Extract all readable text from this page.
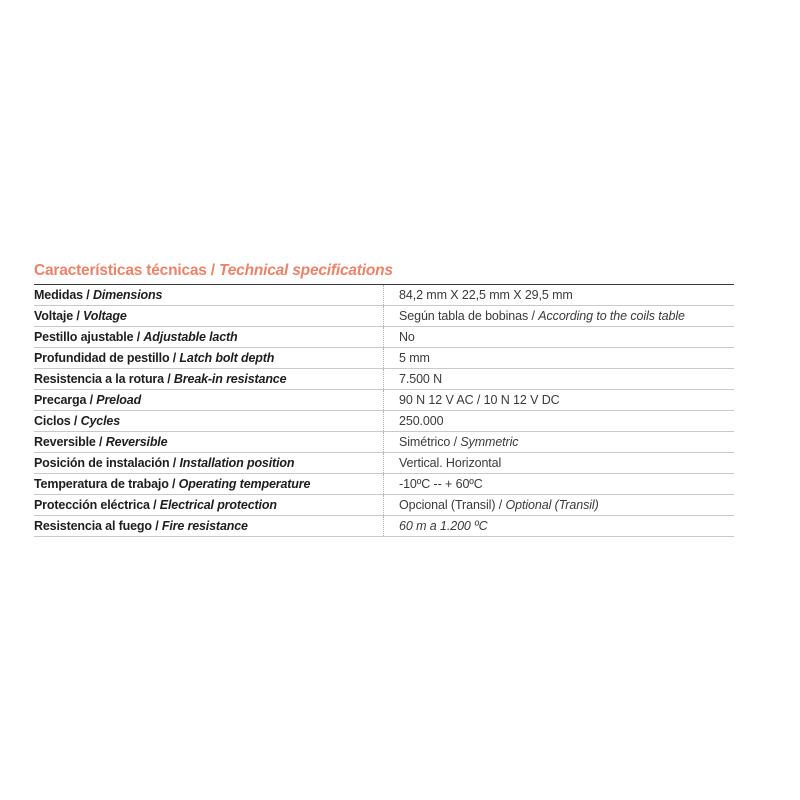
Características técnicas / Technical specifications
Medidas / Dimensions	84,2 mm X 22,5 mm X 29,5 mm
Voltaje / Voltage	Según tabla de bobinas / According to the coils table
Pestillo ajustable / Adjustable lacth	No
Profundidad de pestillo / Latch bolt depth	5 mm
Resistencia a la rotura / Break-in resistance	7.500 N
Precarga / Preload	90 N 12 V AC / 10 N 12 V DC
Ciclos / Cycles	250.000
Reversible / Reversible	Simétrico / Symmetric
Posición de instalación / Installation position	Vertical. Horizontal
Temperatura de trabajo / Operating temperature	-10ºC -- + 60ºC
Protección eléctrica / Electrical protection	Opcional (Transil) / Optional (Transil)
Resistencia al fuego / Fire resistance	60 m a 1.200 ºC
